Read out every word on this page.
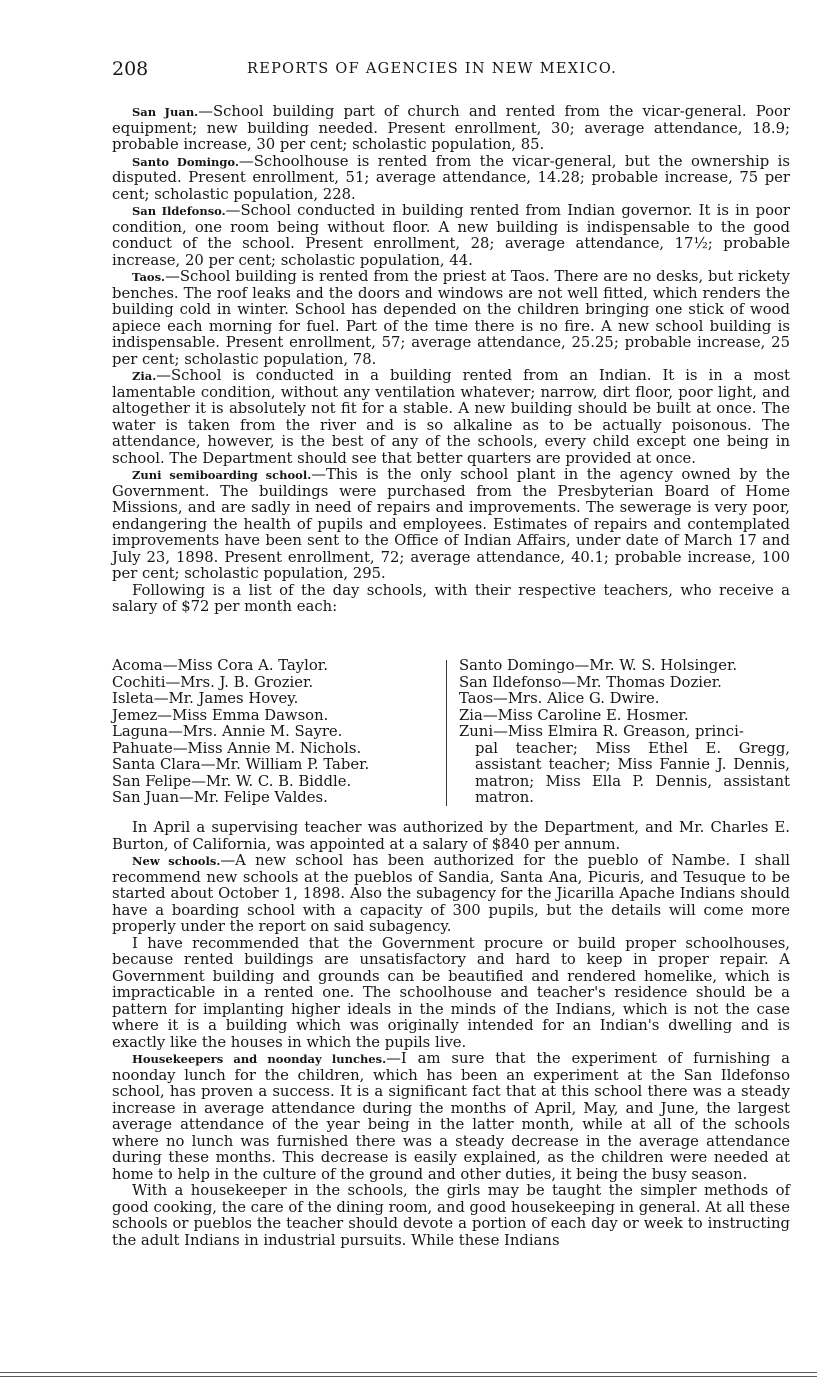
208	REPORTS OF AGENCIES IN NEW MEXICO.

San Juan.—School building part of church and rented from the vicar-general. Poor equipment; new building needed. Present enrollment, 30; average attendance, 18.9; probable increase, 30 per cent; scholastic population, 85.

Santo Domingo.—Schoolhouse is rented from the vicar-general, but the ownership is disputed. Present enrollment, 51; average attendance, 14.28; probable increase, 75 per cent; scholastic population, 228.

San Ildefonso.—School conducted in building rented from Indian governor. It is in poor condition, one room being without floor. A new building is indispensable to the good conduct of the school. Present enrollment, 28; average attendance, 17½; probable increase, 20 per cent; scholastic population, 44.

Taos.—School building is rented from the priest at Taos. There are no desks, but rickety benches. The roof leaks and the doors and windows are not well fitted, which renders the building cold in winter. School has depended on the children bringing one stick of wood apiece each morning for fuel. Part of the time there is no fire. A new school building is indispensable. Present enrollment, 57; average attendance, 25.25; probable increase, 25 per cent; scholastic population, 78.

Zia.—School is conducted in a building rented from an Indian. It is in a most lamentable condition, without any ventilation whatever; narrow, dirt floor, poor light, and altogether it is absolutely not fit for a stable. A new building should be built at once. The water is taken from the river and is so alkaline as to be actually poisonous. The attendance, however, is the best of any of the schools, every child except one being in school. The Department should see that better quarters are provided at once.

Zuni semiboarding school.—This is the only school plant in the agency owned by the Government. The buildings were purchased from the Presbyterian Board of Home Missions, and are sadly in need of repairs and improvements. The sewerage is very poor, endangering the health of pupils and employees. Estimates of repairs and contemplated improvements have been sent to the Office of Indian Affairs, under date of March 17 and July 23, 1898. Present enrollment, 72; average attendance, 40.1; probable increase, 100 per cent; scholastic population, 295.

Following is a list of the day schools, with their respective teachers, who receive a salary of $72 per month each:

Acoma—Miss Cora A. Taylor.
Cochiti—Mrs. J. B. Grozier.
Isleta—Mr. James Hovey.
Jemez—Miss Emma Dawson.
Laguna—Mrs. Annie M. Sayre.
Pahuate—Miss Annie M. Nichols.
Santa Clara—Mr. William P. Taber.
San Felipe—Mr. W. C. B. Biddle.
San Juan—Mr. Felipe Valdes.
Santo Domingo—Mr. W. S. Holsinger.
San Ildefonso—Mr. Thomas Dozier.
Taos—Mrs. Alice G. Dwire.
Zia—Miss Caroline E. Hosmer.
Zuni—Miss Elmira R. Greason, princi-
pal teacher; Miss Ethel E. Gregg, assistant teacher; Miss Fannie J. Dennis, matron; Miss Ella P. Dennis, assistant matron.

In April a supervising teacher was authorized by the Department, and Mr. Charles E. Burton, of California, was appointed at a salary of $840 per annum.

New schools.—A new school has been authorized for the pueblo of Nambe. I shall recommend new schools at the pueblos of Sandia, Santa Ana, Picuris, and Tesuque to be started about October 1, 1898. Also the subagency for the Jicarilla Apache Indians should have a boarding school with a capacity of 300 pupils, but the details will come more properly under the report on said subagency.

I have recommended that the Government procure or build proper schoolhouses, because rented buildings are unsatisfactory and hard to keep in proper repair. A Government building and grounds can be beautified and rendered homelike, which is impracticable in a rented one. The schoolhouse and teacher's residence should be a pattern for implanting higher ideals in the minds of the Indians, which is not the case where it is a building which was originally intended for an Indian's dwelling and is exactly like the houses in which the pupils live.

Housekeepers and noonday lunches.—I am sure that the experiment of furnishing a noonday lunch for the children, which has been an experiment at the San Ildefonso school, has proven a success. It is a significant fact that at this school there was a steady increase in average attendance during the months of April, May, and June, the largest average attendance of the year being in the latter month, while at all of the schools where no lunch was furnished there was a steady decrease in the average attendance during these months. This decrease is easily explained, as the children were needed at home to help in the culture of the ground and other duties, it being the busy season.

With a housekeeper in the schools, the girls may be taught the simpler methods of good cooking, the care of the dining room, and good housekeeping in general. At all these schools or pueblos the teacher should devote a portion of each day or week to instructing the adult Indians in industrial pursuits. While these Indians
